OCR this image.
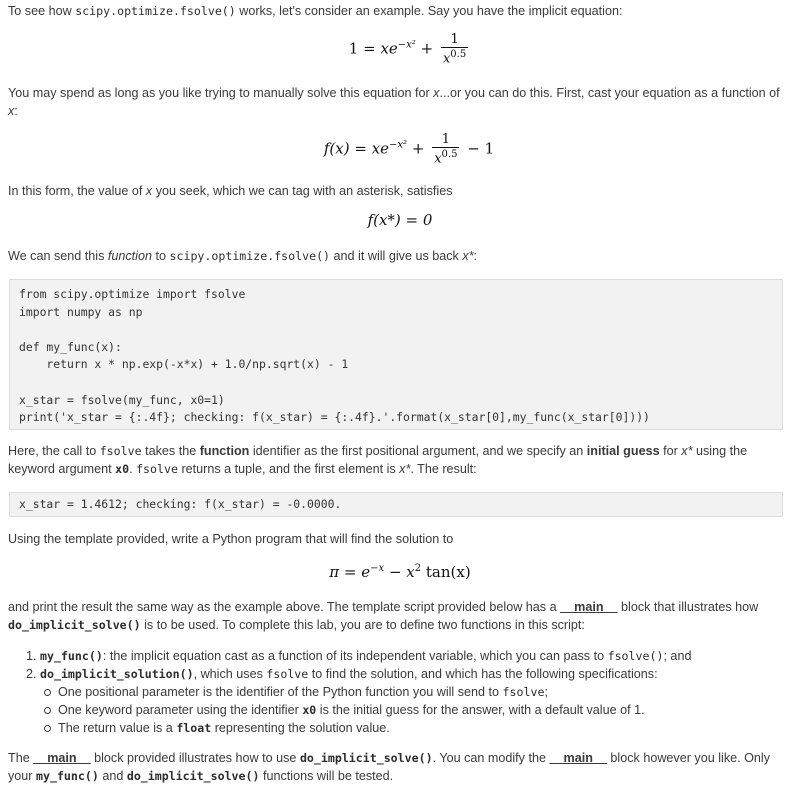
To see how scipy.optimize.fsolve() works, let's consider an example. Say you have the implicit equation:
$1 = xe^{-x^2} + \frac{1}{x^{0.5}}$
You may spend as long as you like trying to manually solve this equation for x...or you can do this. First, cast your equation as a function of x:
$f(x) = xe^{-x^2} + \frac{1}{x^{0.5}} - 1$
In this form, the value of x you seek, which we can tag with an asterisk, satisfies
f(x*) = 0
We can send this function to scipy.optimize.fsolve() and it will give us back x*:
from scipy.optimize import fsolve
import numpy as np

def my_func(x):
return x * np.exp(-x*x) + 1.0/np.sqrt(x) - 1

x_star = fsolve(my_func, x0=1)
print('x_star = {:.4f}; checking: f(x_star) = {:.4f}.'.format(x_star[0],my_func(x_star[0])))
Here, the call to fsolve takes the function identifier as the first positional argument, and we specify an initial guess for x* using the keyword argument x0. fsolve returns a tuple, and the first element is x*. The result:
x_star = 1.4612; checking: f(x_star) = -0.0000.
Using the template provided, write a Python program that will find the solution to
$\pi = e^{-x} - x^2$ tan(x)
and print the result the same way as the example above. The template script provided below has a __main__ block that illustrates how do_implicit_solve() is to be used. To complete this lab, you are to define two functions in this script:
1. my_func(): the implicit equation cast as a function of its independent variable, which you can pass to fsolve(); and
2. do_implicit_solution(), which uses fsolve to find the solution, and which has the following specifications:
One positional parameter is the identifier of the Python function you will send to fsolve;
One keyword parameter using the identifier x0 is the initial guess for the answer, with a default value of 1.
The return value is a float representing the solution value.
The __main__ block provided illustrates how to use do_implicit_solve(). You can modify the __main__ block however you like. Only your my_func() and do_implicit_solve() functions will be tested.
